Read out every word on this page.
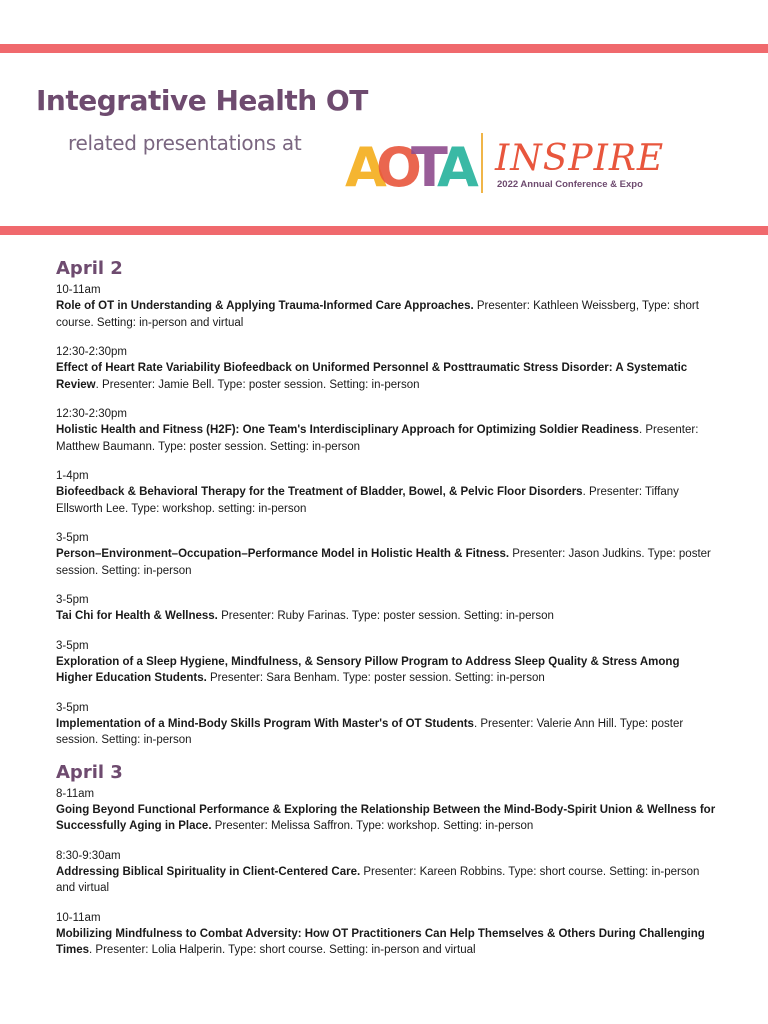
Integrative Health OT
related presentations at A
O
T
A INSPIRE
2022 Annual Conference & Expo
April 2
10-11am
Role of OT in Understanding & Applying Trauma-Informed Care Approaches. Presenter: Kathleen Weissberg, Type: short course. Setting: in-person and virtual
12:30-2:30pm
Effect of Heart Rate Variability Biofeedback on Uniformed Personnel & Posttraumatic Stress Disorder: A Systematic Review. Presenter: Jamie Bell. Type: poster session. Setting: in-person
12:30-2:30pm
Holistic Health and Fitness (H2F): One Team's Interdisciplinary Approach for Optimizing Soldier Readiness. Presenter: Matthew Baumann. Type: poster session. Setting: in-person
1-4pm
Biofeedback & Behavioral Therapy for the Treatment of Bladder, Bowel, & Pelvic Floor Disorders. Presenter: Tiffany Ellsworth Lee. Type: workshop. setting: in-person
3-5pm
Person–Environment–Occupation–Performance Model in Holistic Health & Fitness. Presenter: Jason Judkins. Type: poster session. Setting: in-person
3-5pm
Tai Chi for Health & Wellness. Presenter: Ruby Farinas. Type: poster session. Setting: in-person
3-5pm
Exploration of a Sleep Hygiene, Mindfulness, & Sensory Pillow Program to Address Sleep Quality & Stress Among Higher Education Students. Presenter: Sara Benham. Type: poster session. Setting: in-person
3-5pm
Implementation of a Mind-Body Skills Program With Master's of OT Students. Presenter: Valerie Ann Hill. Type: poster session. Setting: in-person
April 3
8-11am
Going Beyond Functional Performance & Exploring the Relationship Between the Mind-Body-Spirit Union & Wellness for Successfully Aging in Place. Presenter: Melissa Saffron. Type: workshop. Setting: in-person
8:30-9:30am
Addressing Biblical Spirituality in Client-Centered Care. Presenter: Kareen Robbins. Type: short course. Setting: in-person and virtual
10-11am
Mobilizing Mindfulness to Combat Adversity: How OT Practitioners Can Help Themselves & Others During Challenging Times. Presenter: Lolia Halperin. Type: short course. Setting: in-person and virtual
